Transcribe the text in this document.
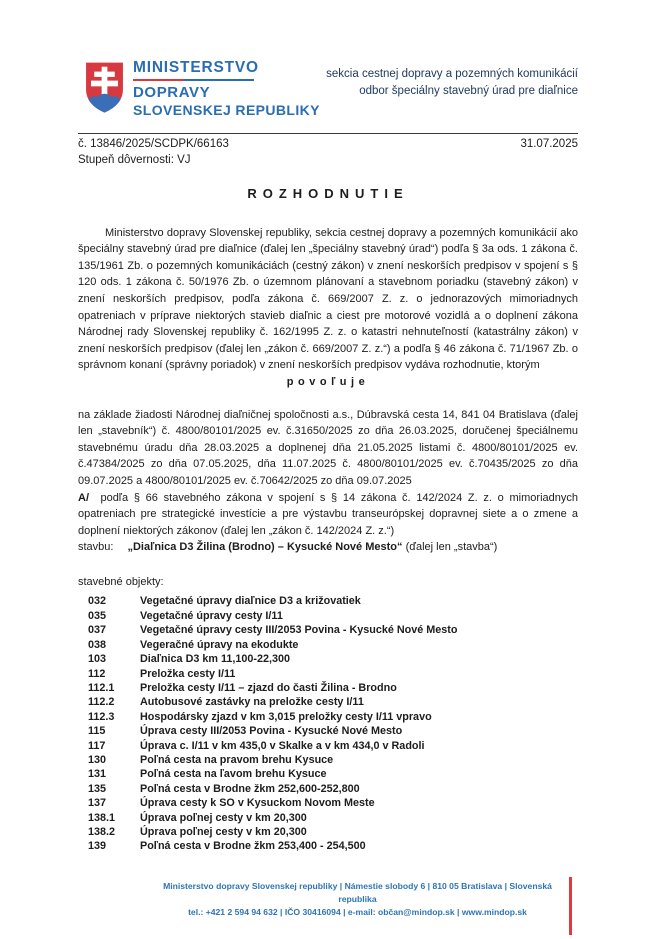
MINISTERSTVO
DOPRAVY
SLOVENSKEJ REPUBLIKY
sekcia cestnej dopravy a pozemných komunikácií
odbor špeciálny stavebný úrad pre diaľnice
č. 13846/2025/SCDPK/66163	31.07.2025
Stupeň dôvernosti: VJ
ROZHODNUTIE

Ministerstvo dopravy Slovenskej republiky, sekcia cestnej dopravy a pozemných komunikácií ako špeciálny stavebný úrad pre diaľnice (ďalej len „špeciálny stavebný úrad“) podľa § 3a ods. 1 zákona č. 135/1961 Zb. o pozemných komunikáciách (cestný zákon) v znení neskorších predpisov v spojení s § 120 ods. 1 zákona č. 50/1976 Zb. o územnom plánovaní a stavebnom poriadku (stavebný zákon) v znení neskorších predpisov, podľa zákona č. 669/2007 Z. z. o jednorazových mimoriadnych opatreniach v príprave niektorých stavieb diaľnic a ciest pre motorové vozidlá a o doplnení zákona Národnej rady Slovenskej republiky č. 162/1995 Z. z. o katastri nehnuteľností (katastrálny zákon) v znení neskorších predpisov (ďalej len „zákon č. 669/2007 Z. z.“) a podľa § 46 zákona č. 71/1967 Zb. o správnom konaní (správny poriadok) v znení neskorších predpisov vydáva rozhodnutie, ktorým

povoľuje

na základe žiadosti Národnej diaľničnej spoločnosti a.s., Dúbravská cesta 14, 841 04 Bratislava (ďalej len „stavebník“) č. 4800/80101/2025 ev. č.31650/2025 zo dňa 26.03.2025, doručenej špeciálnemu stavebnému úradu dňa 28.03.2025 a doplnenej dňa 21.05.2025 listami č. 4800/80101/2025 ev. č.47384/2025 zo dňa 07.05.2025, dňa 11.07.2025 č. 4800/80101/2025 ev. č.70435/2025 zo dňa 09.07.2025 a 4800/80101/2025 ev. č.70642/2025 zo dňa 09.07.2025

A/ podľa § 66 stavebného zákona v spojení s § 14 zákona č. 142/2024 Z. z. o mimoriadnych opatreniach pre strategické investície a pre výstavbu transeurópskej dopravnej siete a o zmene a doplnení niektorých zákonov (ďalej len „zákon č. 142/2024 Z. z.“)

stavbu: „Diaľnica D3 Žilina (Brodno) – Kysucké Nové Mesto“ (ďalej len „stavba“)
stavebné objekty:
032	Vegetačné úpravy diaľnice D3 a križovatiek
035	Vegetačné úpravy cesty I/11
037	Vegetačné úpravy cesty III/2053 Povina - Kysucké Nové Mesto
038	Vegeračné úpravy na ekodukte
103	Diaľnica D3 km 11,100-22,300
112	Preložka cesty I/11
112.1	Preložka cesty I/11 – zjazd do časti Žilina - Brodno
112.2	Autobusové zastávky na preložke cesty I/11
112.3	Hospodársky zjazd v km 3,015 preložky cesty I/11 vpravo
115	Úprava cesty III/2053 Povina - Kysucké Nové Mesto
117	Úprava c. I/11 v km 435,0 v Skalke a v km 434,0 v Radoli
130	Poľná cesta na pravom brehu Kysuce
131	Poľná cesta na ľavom brehu Kysuce
135	Poľná cesta v Brodne žkm 252,600-252,800
137	Úprava cesty k SO v Kysuckom Novom Meste
138.1	Úprava poľnej cesty v km 20,300
138.2	Úprava poľnej cesty v km 20,300
139	Poľná cesta v Brodne žkm 253,400 - 254,500
Ministerstvo dopravy Slovenskej republiky | Námestie slobody 6 | 810 05 Bratislava | Slovenská republika
tel.: +421 2 594 94 632 | IČO 30416094 | e-mail: občan@mindop.sk | www.mindop.sk
